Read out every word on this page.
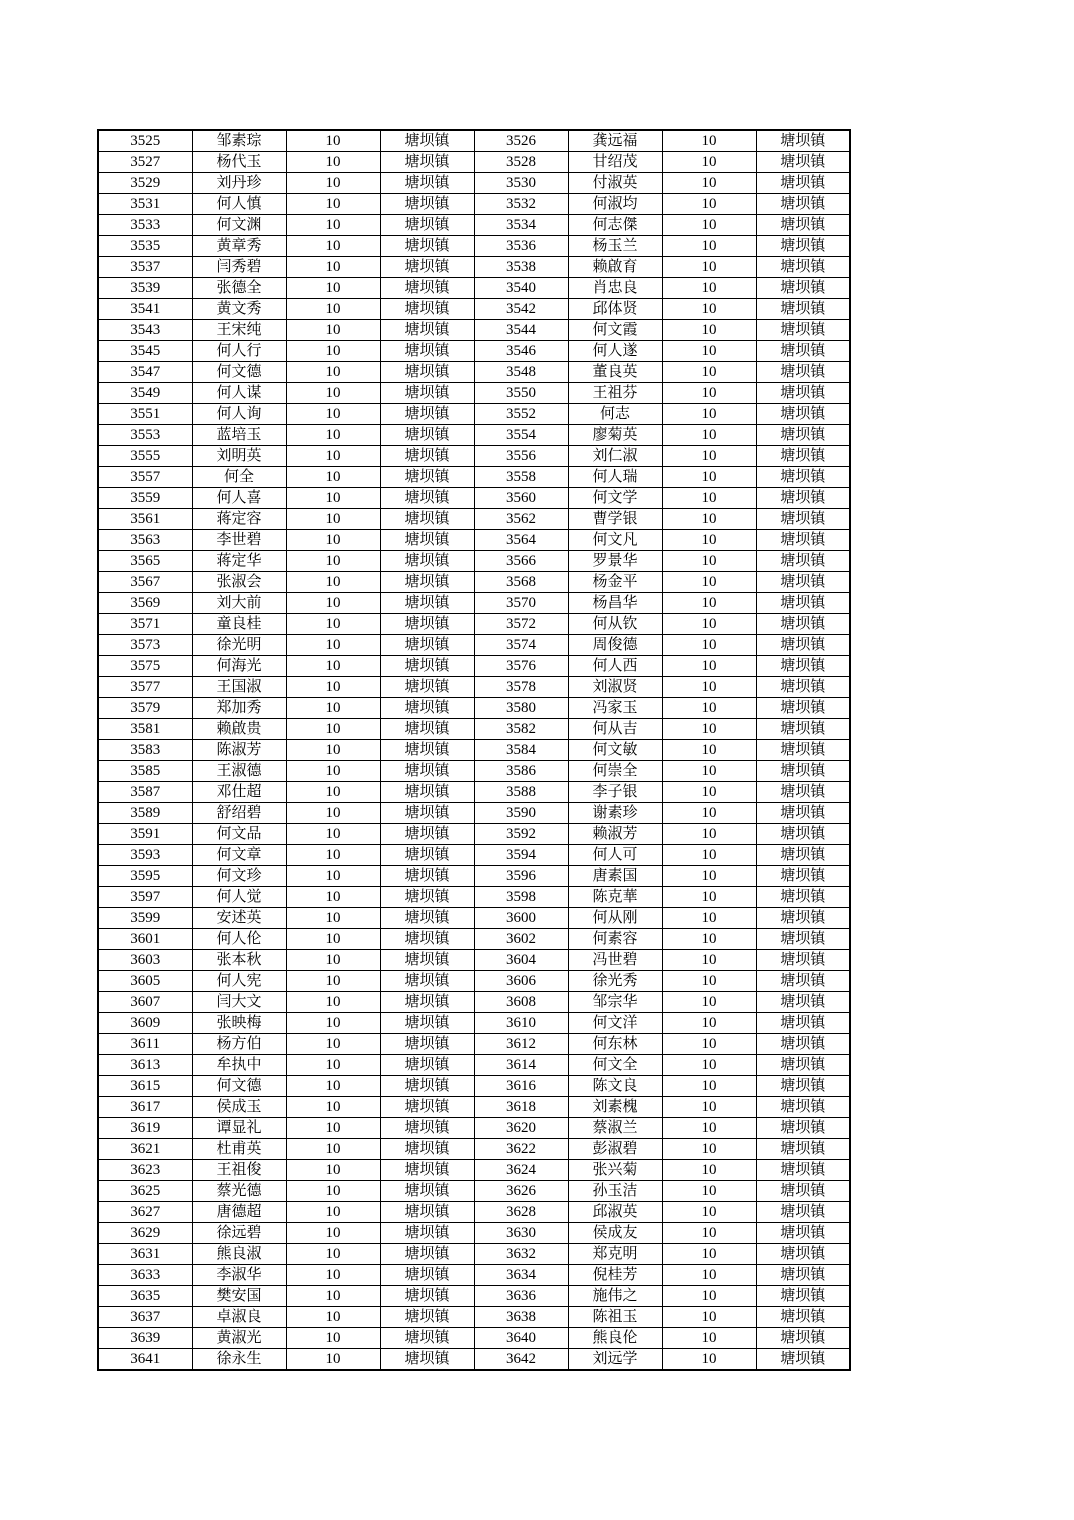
3525	邹素琮	10	塘坝镇	3526	龚远福	10	塘坝镇
3527	杨代玉	10	塘坝镇	3528	甘绍茂	10	塘坝镇
3529	刘丹珍	10	塘坝镇	3530	付淑英	10	塘坝镇
3531	何人慎	10	塘坝镇	3532	何淑均	10	塘坝镇
3533	何文渊	10	塘坝镇	3534	何志傑	10	塘坝镇
3535	黄章秀	10	塘坝镇	3536	杨玉兰	10	塘坝镇
3537	闫秀碧	10	塘坝镇	3538	赖啟育	10	塘坝镇
3539	张德全	10	塘坝镇	3540	肖忠良	10	塘坝镇
3541	黄文秀	10	塘坝镇	3542	邱体贤	10	塘坝镇
3543	王宋纯	10	塘坝镇	3544	何文霞	10	塘坝镇
3545	何人行	10	塘坝镇	3546	何人遂	10	塘坝镇
3547	何文德	10	塘坝镇	3548	董良英	10	塘坝镇
3549	何人谋	10	塘坝镇	3550	王祖芬	10	塘坝镇
3551	何人询	10	塘坝镇	3552	何志	10	塘坝镇
3553	蓝培玉	10	塘坝镇	3554	廖菊英	10	塘坝镇
3555	刘明英	10	塘坝镇	3556	刘仁淑	10	塘坝镇
3557	何全	10	塘坝镇	3558	何人瑞	10	塘坝镇
3559	何人喜	10	塘坝镇	3560	何文学	10	塘坝镇
3561	蒋定容	10	塘坝镇	3562	曹学银	10	塘坝镇
3563	李世碧	10	塘坝镇	3564	何文凡	10	塘坝镇
3565	蒋定华	10	塘坝镇	3566	罗景华	10	塘坝镇
3567	张淑会	10	塘坝镇	3568	杨金平	10	塘坝镇
3569	刘大前	10	塘坝镇	3570	杨昌华	10	塘坝镇
3571	童良桂	10	塘坝镇	3572	何从钦	10	塘坝镇
3573	徐光明	10	塘坝镇	3574	周俊德	10	塘坝镇
3575	何海光	10	塘坝镇	3576	何人西	10	塘坝镇
3577	王国淑	10	塘坝镇	3578	刘淑贤	10	塘坝镇
3579	郑加秀	10	塘坝镇	3580	冯家玉	10	塘坝镇
3581	赖啟贵	10	塘坝镇	3582	何从吉	10	塘坝镇
3583	陈淑芳	10	塘坝镇	3584	何文敏	10	塘坝镇
3585	王淑德	10	塘坝镇	3586	何崇全	10	塘坝镇
3587	邓仕超	10	塘坝镇	3588	李子银	10	塘坝镇
3589	舒绍碧	10	塘坝镇	3590	谢素珍	10	塘坝镇
3591	何文品	10	塘坝镇	3592	赖淑芳	10	塘坝镇
3593	何文章	10	塘坝镇	3594	何人可	10	塘坝镇
3595	何文珍	10	塘坝镇	3596	唐素国	10	塘坝镇
3597	何人觉	10	塘坝镇	3598	陈克華	10	塘坝镇
3599	安述英	10	塘坝镇	3600	何从刚	10	塘坝镇
3601	何人伦	10	塘坝镇	3602	何素容	10	塘坝镇
3603	张本秋	10	塘坝镇	3604	冯世碧	10	塘坝镇
3605	何人宪	10	塘坝镇	3606	徐光秀	10	塘坝镇
3607	闫大文	10	塘坝镇	3608	邹宗华	10	塘坝镇
3609	张映梅	10	塘坝镇	3610	何文洋	10	塘坝镇
3611	杨方伯	10	塘坝镇	3612	何东林	10	塘坝镇
3613	牟执中	10	塘坝镇	3614	何文全	10	塘坝镇
3615	何文德	10	塘坝镇	3616	陈文良	10	塘坝镇
3617	侯成玉	10	塘坝镇	3618	刘素槐	10	塘坝镇
3619	谭显礼	10	塘坝镇	3620	蔡淑兰	10	塘坝镇
3621	杜甫英	10	塘坝镇	3622	彭淑碧	10	塘坝镇
3623	王祖俊	10	塘坝镇	3624	张兴菊	10	塘坝镇
3625	蔡光德	10	塘坝镇	3626	孙玉洁	10	塘坝镇
3627	唐德超	10	塘坝镇	3628	邱淑英	10	塘坝镇
3629	徐远碧	10	塘坝镇	3630	侯成友	10	塘坝镇
3631	熊良淑	10	塘坝镇	3632	郑克明	10	塘坝镇
3633	李淑华	10	塘坝镇	3634	倪桂芳	10	塘坝镇
3635	樊安国	10	塘坝镇	3636	施伟之	10	塘坝镇
3637	卓淑良	10	塘坝镇	3638	陈祖玉	10	塘坝镇
3639	黄淑光	10	塘坝镇	3640	熊良伦	10	塘坝镇
3641	徐永生	10	塘坝镇	3642	刘远学	10	塘坝镇
